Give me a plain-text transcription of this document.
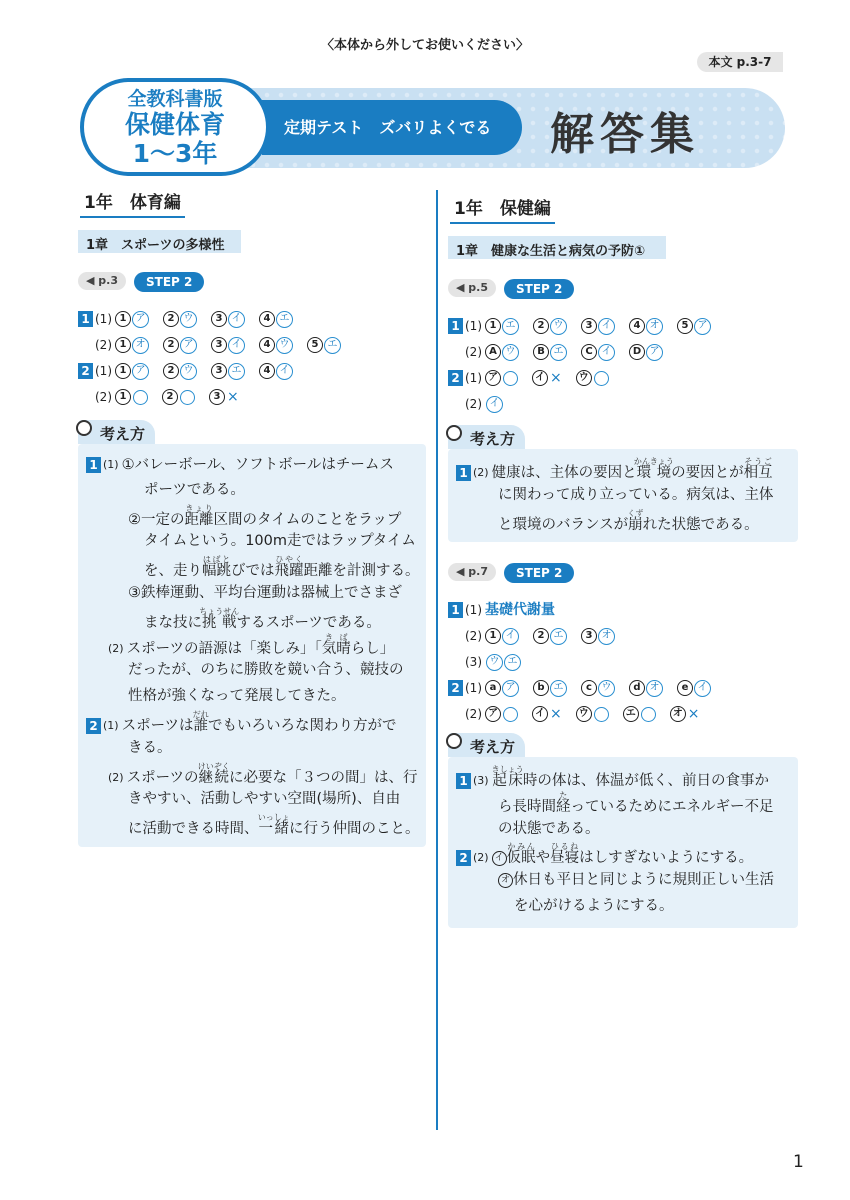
〈本体から外してお使いください〉
本文 p.3-7
定期テスト　ズバリよくでる
全教科書版
保健体育
1〜3年	解答集
1年　体育編
1章　スポーツの多様性
◀ p.3	STEP 2
1 (1) 1 ア 2 ウ 3 イ 4 エ
(2) 1 オ 2 ア 3 イ 4 ウ 5 エ
2 (1) 1 ア 2 ウ 3 エ 4 イ
(2) 1	2	3 ×
考え方
1 (1) ①バレーボール、ソフトボールはチームス
ポーツである。
②一定の距離きょり区間のタイムのことをラップ
タイムという。100m走ではラップタイム
を、走り幅跳はばとびでは飛躍ひやく距離を計測する。
③鉄棒運動、平均台運動は器械上でさまざ
まな技に挑戦ちょうせんするスポーツである。
(2) スポーツの語源は「楽しみ」「気晴きばらし」
だったが、のちに勝敗を競い合う、競技の
性格が強くなって発展してきた。
2 (1) スポーツは誰だれでもいろいろな関わり方がで
きる。
(2) スポーツの継続けいぞくに必要な「３つの間」は、行
きやすい、活動しやすい空間(場所)、自由
に活動できる時間、一緒いっしょに行う仲間のこと。
1年　保健編
1章　健康な生活と病気の予防①
◀ p.5	STEP 2
1 (1) 1 エ 2 ウ 3 イ 4 オ 5 ア
(2) A ウ B エ C イ D ア
2 (1) ア	イ × ウ
(2) イ
考え方
1 (2) 健康は、主体の要因と環境かんきょうの要因とが相互そうご
に関わって成り立っている。病気は、主体
と環境のバランスが崩くずれた状態である。
◀ p.7	STEP 2
1 (1) 基礎代謝量
(2) 1 イ 2 エ 3 オ
(3) ウ エ
2 (1) a ア b エ c ウ d オ e イ
(2) ア	イ × ウ	エ	オ ×
考え方
1 (3) 起床きしょう時の体は、体温が低く、前日の食事か
ら長時間経たっているためにエネルギー不足
の状態である。
2 (2) イ 仮眠かみんや昼寝ひるねはしすぎないようにする。
オ 休日も平日と同じように規則正しい生活
を心がけるようにする。
1
